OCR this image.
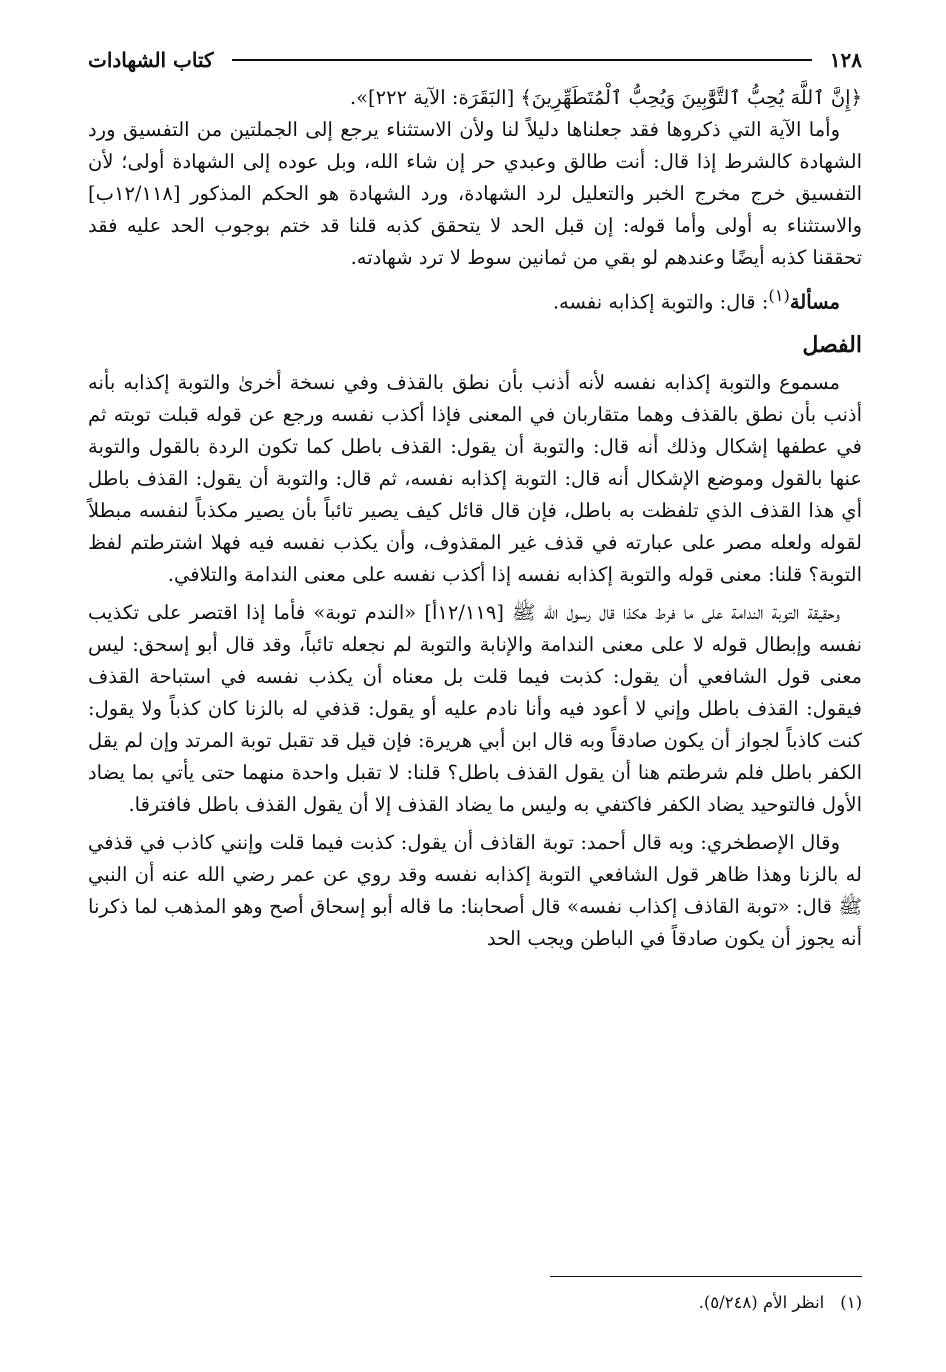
١٢٨
كتاب الشهادات

﴿إِنَّ ٱللَّهَ يُحِبُّ ٱلتَّوَّٰبِينَ وَيُحِبُّ ٱلْمُتَطَهِّرِينَ﴾ [البَقَرَة: الآية ٢٢٢]».

وأما الآية التي ذكروها فقد جعلناها دليلاً لنا ولأن الاستثناء يرجع إلى الجملتين من التفسيق ورد الشهادة كالشرط إذا قال: أنت طالق وعبدي حر إن شاء الله، وبل عوده إلى الشهادة أولى؛ لأن التفسيق خرج مخرج الخبر والتعليل لرد الشهادة، ورد الشهادة هو الحكم المذكور [١٢/١١٨ب] والاستثناء به أولى وأما قوله: إن قبل الحد لا يتحقق كذبه قلنا قد ختم بوجوب الحد عليه فقد تحققنا كذبه أيضًا وعندهم لو بقي من ثمانين سوط لا ترد شهادته.

مسألة$^{(١)}$: قال: والتوبة إكذابه نفسه.

الفصل

مسموع والتوبة إكذابه نفسه لأنه أذنب بأن نطق بالقذف وفي نسخة أخرىٰ والتوبة إكذابه بأنه أذنب بأن نطق بالقذف وهما متقاربان في المعنى فإذا أكذب نفسه ورجع عن قوله قبلت توبته ثم في عطفها إشكال وذلك أنه قال: والتوبة أن يقول: القذف باطل كما تكون الردة بالقول والتوبة عنها بالقول وموضع الإشكال أنه قال: التوبة إكذابه نفسه، ثم قال: والتوبة أن يقول: القذف باطل أي هذا القذف الذي تلفظت به باطل، فإن قال قائل كيف يصير تائباً بأن يصير مكذباً لنفسه مبطلاً لقوله ولعله مصر على عبارته في قذف غير المقذوف، وأن يكذب نفسه فيه فهلا اشترطتم لفظ التوبة؟ قلنا: معنى قوله والتوبة إكذابه نفسه إذا أكذب نفسه على معنى الندامة والتلافي.

وحقيقة التوبة الندامة على ما فرط هكذا قال رسول الله ﷺ [١٢/١١٩أ] «الندم توبة» فأما إذا اقتصر على تكذيب نفسه وإبطال قوله لا على معنى الندامة والإنابة والتوبة لم نجعله تائباً، وقد قال أبو إسحق: ليس معنى قول الشافعي أن يقول: كذبت فيما قلت بل معناه أن يكذب نفسه في استباحة القذف فيقول: القذف باطل وإني لا أعود فيه وأنا نادم عليه أو يقول: قذفي له بالزنا كان كذباً ولا يقول: كنت كاذباً لجواز أن يكون صادقاً وبه قال ابن أبي هريرة: فإن قيل قد تقبل توبة المرتد وإن لم يقل الكفر باطل فلم شرطتم هنا أن يقول القذف باطل؟ قلنا: لا تقبل واحدة منهما حتى يأتي بما يضاد الأول فالتوحيد يضاد الكفر فاكتفي به وليس ما يضاد القذف إلا أن يقول القذف باطل فافترقا.

وقال الإصطخري: وبه قال أحمد: توبة القاذف أن يقول: كذبت فيما قلت وإنني كاذب في قذفي له بالزنا وهذا ظاهر قول الشافعي التوبة إكذابه نفسه وقد روي عن عمر رضي الله عنه أن النبي ﷺ قال: «توبة القاذف إكذاب نفسه» قال أصحابنا: ما قاله أبو إسحاق أصح وهو المذهب لما ذكرنا أنه يجوز أن يكون صادقاً في الباطن ويجب الحد

(١)انظر الأم (٥/٢٤٨).
